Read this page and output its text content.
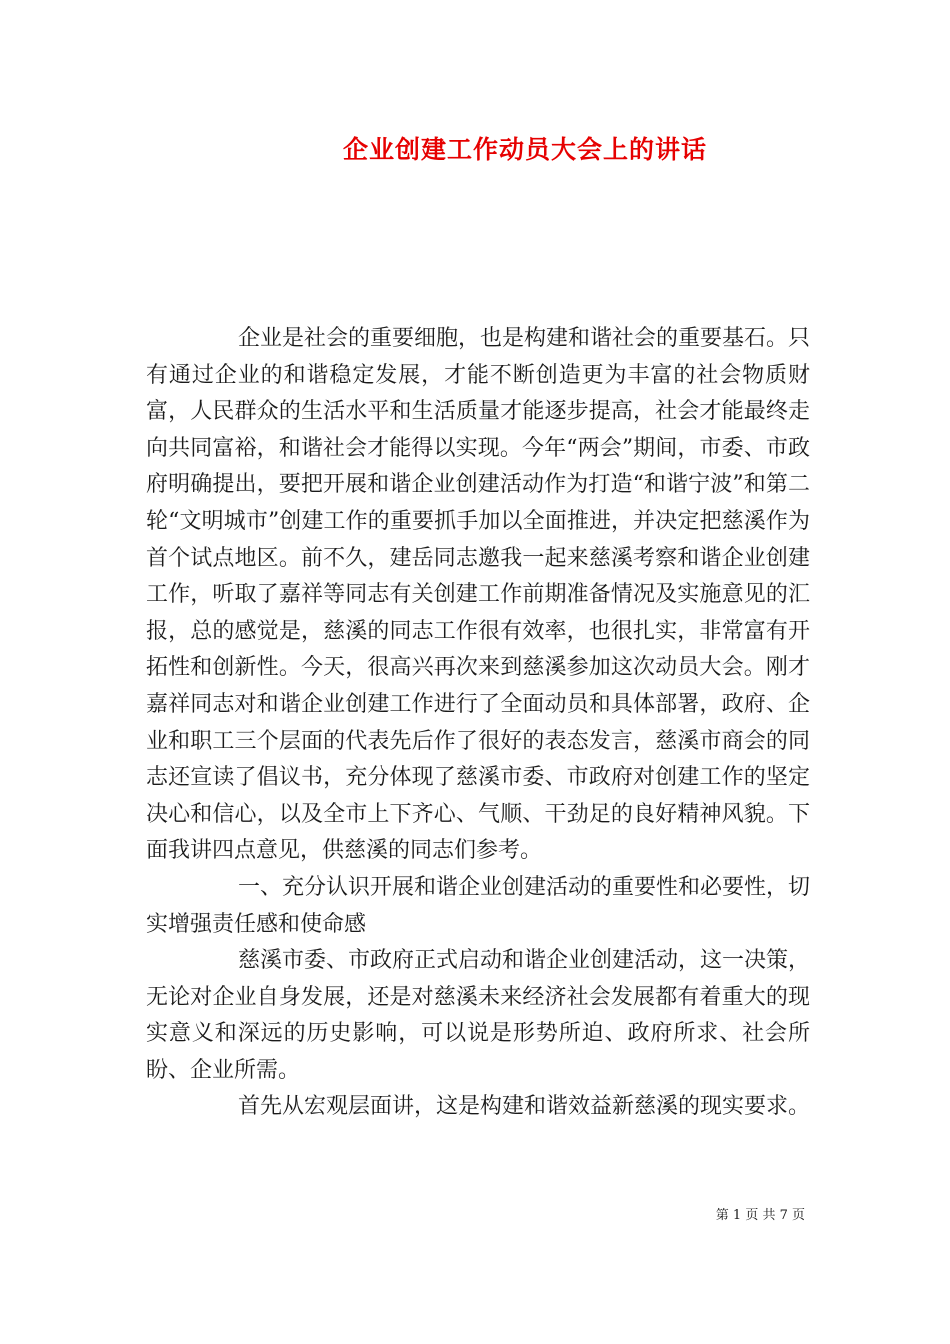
企业创建工作动员大会上的讲话

企业是社会的重要细胞，也是构建和谐社会的重要基石。只有通过企业的和谐稳定发展，才能不断创造更为丰富的社会物质财富，人民群众的生活水平和生活质量才能逐步提高，社会才能最终走向共同富裕，和谐社会才能得以实现。今年“两会”期间，市委、市政府明确提出，要把开展和谐企业创建活动作为打造“和谐宁波”和第二轮“文明城市”创建工作的重要抓手加以全面推进，并决定把慈溪作为首个试点地区。前不久，建岳同志邀我一起来慈溪考察和谐企业创建工作，听取了嘉祥等同志有关创建工作前期准备情况及实施意见的汇报，总的感觉是，慈溪的同志工作很有效率，也很扎实，非常富有开拓性和创新性。今天，很高兴再次来到慈溪参加这次动员大会。刚才嘉祥同志对和谐企业创建工作进行了全面动员和具体部署，政府、企业和职工三个层面的代表先后作了很好的表态发言，慈溪市商会的同志还宣读了倡议书，充分体现了慈溪市委、市政府对创建工作的坚定决心和信心，以及全市上下齐心、气顺、干劲足的良好精神风貌。下面我讲四点意见，供慈溪的同志们参考。

一、充分认识开展和谐企业创建活动的重要性和必要性，切实增强责任感和使命感

慈溪市委、市政府正式启动和谐企业创建活动，这一决策，无论对企业自身发展，还是对慈溪未来经济社会发展都有着重大的现实意义和深远的历史影响，可以说是形势所迫、政府所求、社会所盼、企业所需。

首先从宏观层面讲，这是构建和谐效益新慈溪的现实要求。

第 1 页 共 7 页
